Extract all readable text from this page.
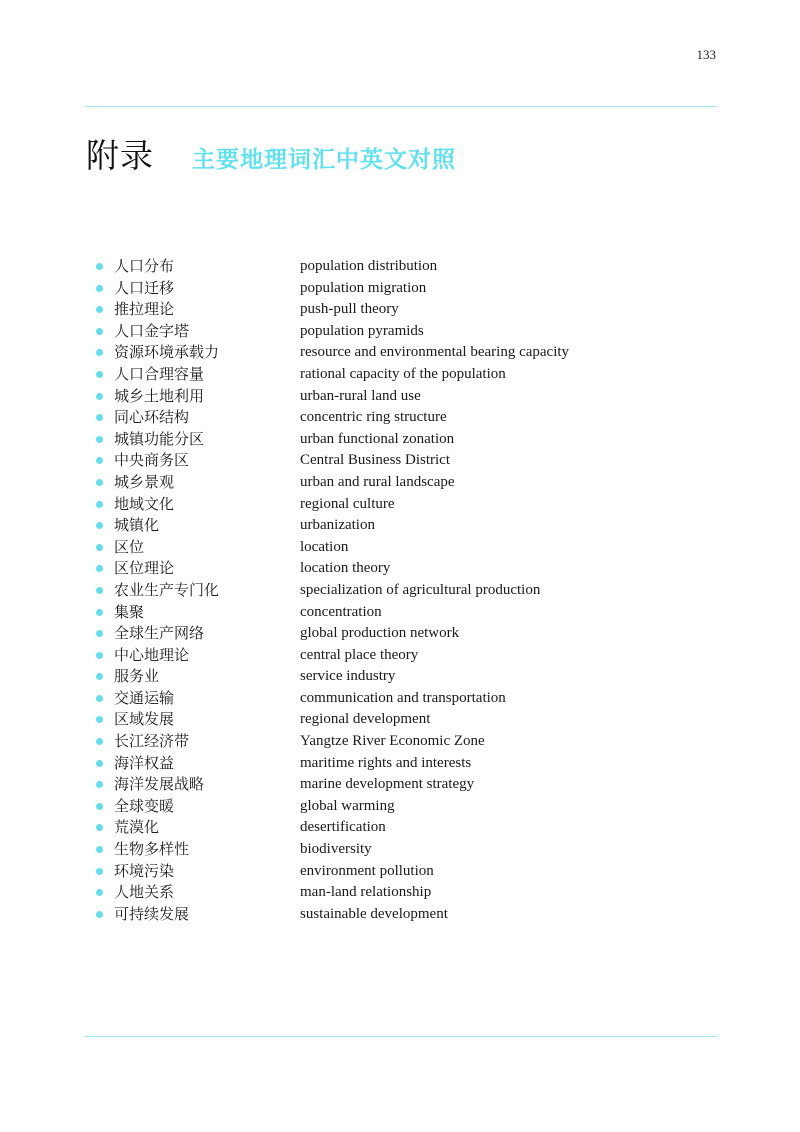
133
附录 主要地理词汇中英文对照
人口分布	population distribution
人口迁移	population migration
推拉理论	push-pull theory
人口金字塔	population pyramids
资源环境承载力	resource and environmental bearing capacity
人口合理容量	rational capacity of the population
城乡土地利用	urban-rural land use
同心环结构	concentric ring structure
城镇功能分区	urban functional zonation
中央商务区	Central Business District
城乡景观	urban and rural landscape
地域文化	regional culture
城镇化	urbanization
区位	location
区位理论	location theory
农业生产专门化	specialization of agricultural production
集聚	concentration
全球生产网络	global production network
中心地理论	central place theory
服务业	service industry
交通运输	communication and transportation
区域发展	regional development
长江经济带	Yangtze River Economic Zone
海洋权益	maritime rights and interests
海洋发展战略	marine development strategy
全球变暖	global warming
荒漠化	desertification
生物多样性	biodiversity
环境污染	environment pollution
人地关系	man-land relationship
可持续发展	sustainable development
